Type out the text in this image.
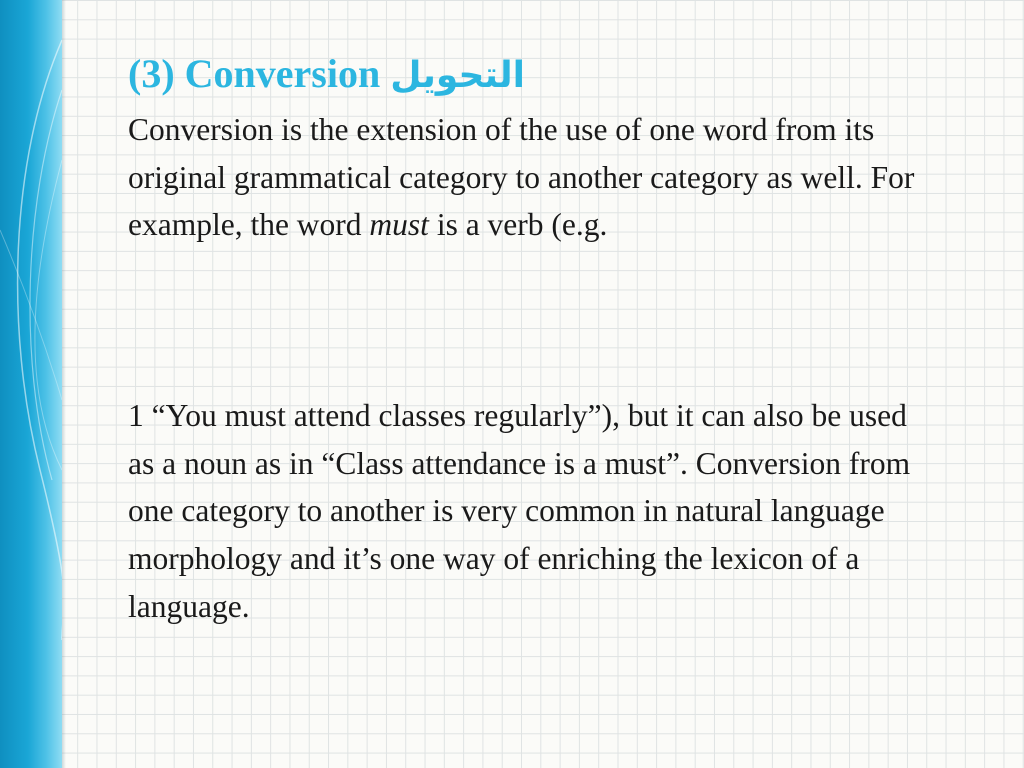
(3) Conversion التحويل

Conversion is the extension of the use of one word from its original grammatical category to another category as well. For example, the word must is a verb (e.g.

1 “You must attend classes regularly”), but it can also be used as a noun as in “Class attendance is a must”. Conversion from one category to another is very common in natural language morphology and it’s one way of enriching the lexicon of a language.
